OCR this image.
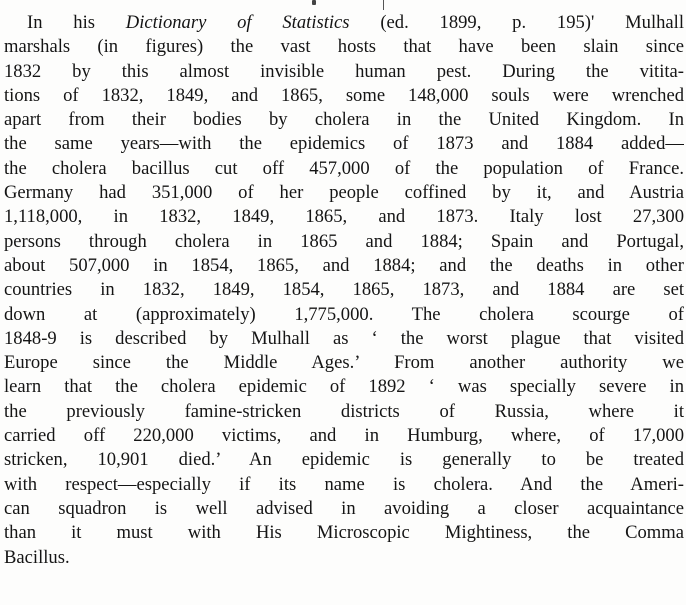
In his Dictionary of Statistics (ed. 1899, p. 195)' Mulhall
marshals (in figures) the vast hosts that have been slain since
1832 by this almost invisible human pest. During the vitita-
tions of 1832, 1849, and 1865, some 148,000 souls were wrenched
apart from their bodies by cholera in the United Kingdom. In
the same years—with the epidemics of 1873 and 1884 added—
the cholera bacillus cut off 457,000 of the population of France.
Germany had 351,000 of her people coffined by it, and Austria
1,118,000, in 1832, 1849, 1865, and 1873. Italy lost 27,300
persons through cholera in 1865 and 1884; Spain and Portugal,
about 507,000 in 1854, 1865, and 1884; and the deaths in other
countries in 1832, 1849, 1854, 1865, 1873, and 1884 are set
down at (approximately) 1,775,000. The cholera scourge of
1848-9 is described by Mulhall as ‘ the worst plague that visited
Europe since the Middle Ages.’ From another authority we
learn that the cholera epidemic of 1892 ‘ was specially severe in
the previously famine-stricken districts of Russia, where it
carried off 220,000 victims, and in Humburg, where, of 17,000
stricken, 10,901 died.’ An epidemic is generally to be treated
with respect—especially if its name is cholera. And the Ameri-
can squadron is well advised in avoiding a closer acquaintance
than it must with His Microscopic Mightiness, the Comma
Bacillus.
